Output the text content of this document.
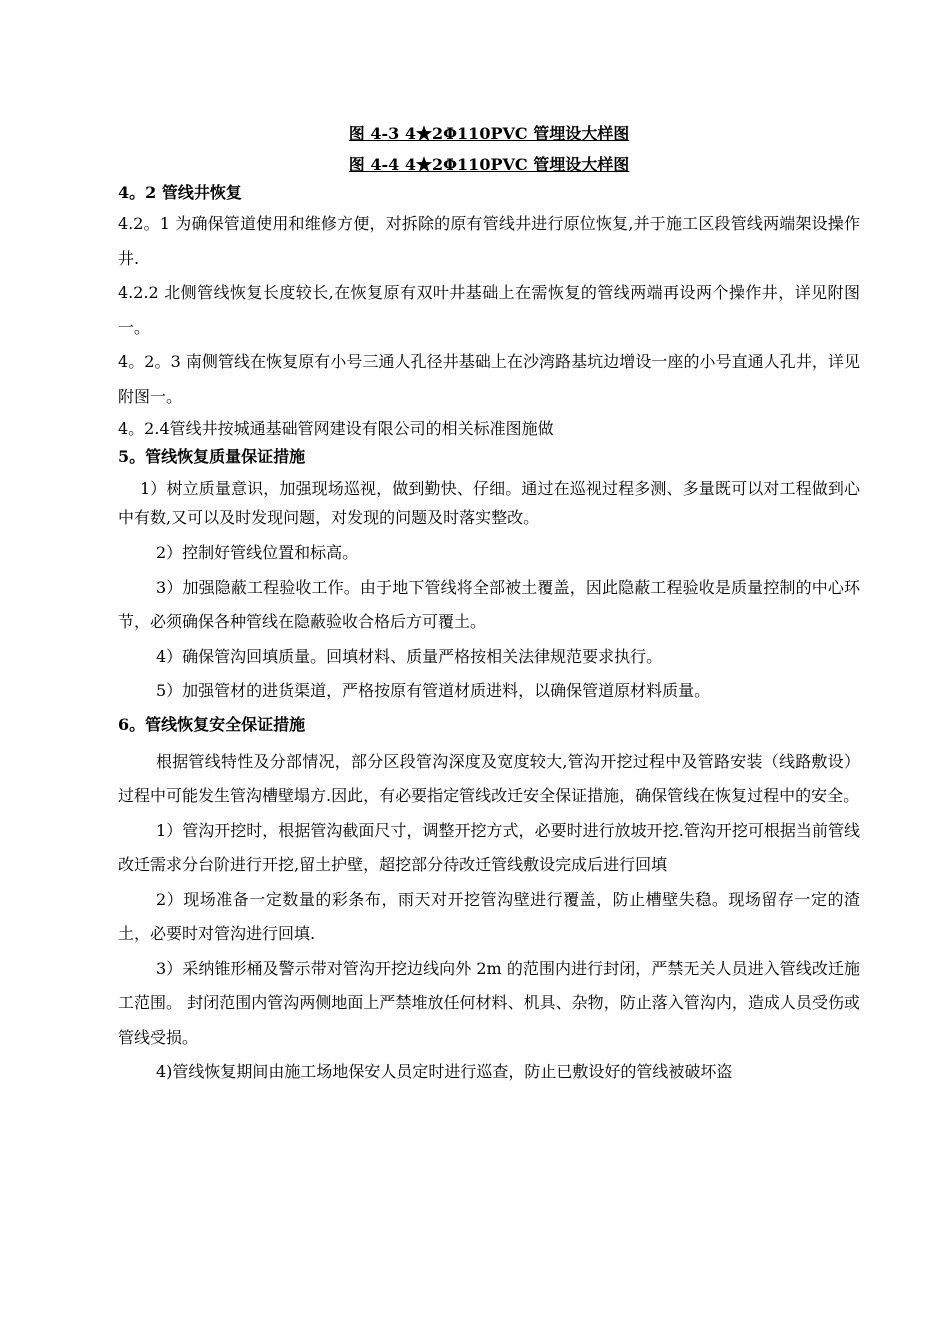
图 4-3 4★2Φ110PVC 管埋设大样图
图 4-4 4★2Φ110PVC 管埋设大样图
4。2 管线井恢复

4.2。1 为确保管道使用和维修方便，对拆除的原有管线井进行原位恢复,并于施工区段管线两端架设操作井.

4.2.2 北侧管线恢复长度较长,在恢复原有双叶井基础上在需恢复的管线两端再设两个操作井，详见附图一。

4。2。3 南侧管线在恢复原有小号三通人孔径井基础上在沙湾路基坑边增设一座的小号直通人孔井，详见附图一。

4。2.4管线井按城通基础管网建设有限公司的相关标准图施做

5。管线恢复质量保证措施

1）树立质量意识，加强现场巡视，做到勤快、仔细。通过在巡视过程多测、多量既可以对工程做到心中有数,又可以及时发现问题，对发现的问题及时落实整改。

2）控制好管线位置和标高。

3）加强隐蔽工程验收工作。由于地下管线将全部被土覆盖，因此隐蔽工程验收是质量控制的中心环节，必须确保各种管线在隐蔽验收合格后方可覆土。

4）确保管沟回填质量。回填材料、质量严格按相关法律规范要求执行。

5）加强管材的进货渠道，严格按原有管道材质进料，以确保管道原材料质量。

6。管线恢复安全保证措施

根据管线特性及分部情况，部分区段管沟深度及宽度较大,管沟开挖过程中及管路安装（线路敷设）过程中可能发生管沟槽壁塌方.因此，有必要指定管线改迁安全保证措施，确保管线在恢复过程中的安全。

1）管沟开挖时，根据管沟截面尺寸，调整开挖方式，必要时进行放坡开挖.管沟开挖可根据当前管线改迁需求分台阶进行开挖,留土护壁，超挖部分待改迁管线敷设完成后进行回填

2）现场准备一定数量的彩条布，雨天对开挖管沟壁进行覆盖，防止槽壁失稳。现场留存一定的渣土，必要时对管沟进行回填.

3）采纳锥形桶及警示带对管沟开挖边线向外 2m 的范围内进行封闭，严禁无关人员进入管线改迁施工范围。 封闭范围内管沟两侧地面上严禁堆放任何材料、机具、杂物，防止落入管沟内，造成人员受伤或管线受损。

4)管线恢复期间由施工场地保安人员定时进行巡查，防止已敷设好的管线被破坏盗
